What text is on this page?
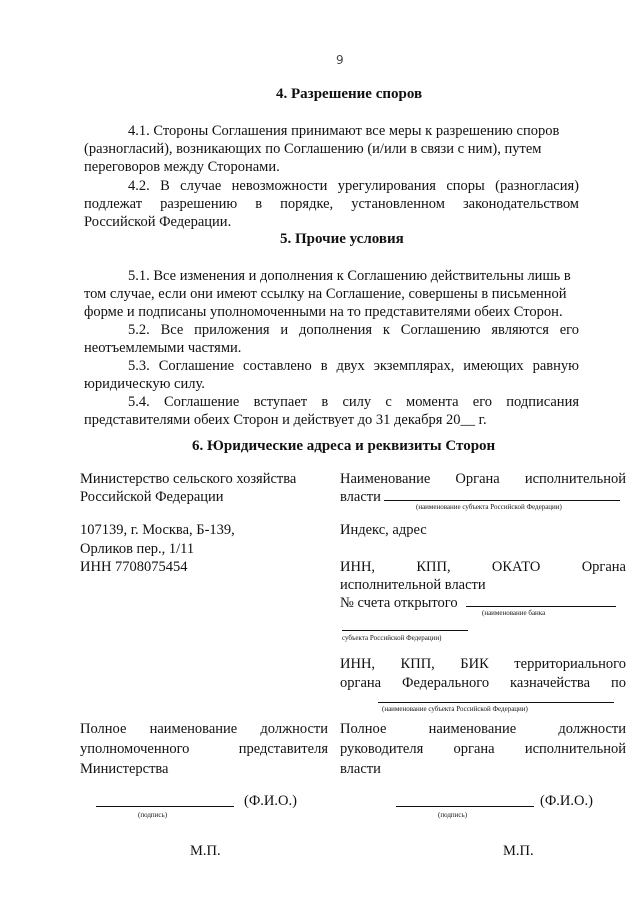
9
4. Разрешение споров
4.1. Стороны Соглашения принимают все меры к разрешению споров
(разногласий), возникающих по Соглашению (и/или в связи с ним), путем
переговоров между Сторонами.
4.2. В случае невозможности урегулирования споры (разногласия)
подлежат разрешению в порядке, установленном законодательством
Российской Федерации.
5. Прочие условия
5.1. Все изменения и дополнения к Соглашению действительны лишь в
том случае, если они имеют ссылку на Соглашение, совершены в письменной
форме и подписаны уполномоченными на то представителями обеих Сторон.
5.2. Все приложения и дополнения к Соглашению являются его
неотъемлемыми частями.
5.3. Соглашение составлено в двух экземплярах, имеющих равную
юридическую силу.
5.4. Соглашение вступает в силу с момента его подписания
представителями обеих Сторон и действует до 31 декабря 20__ г.
6. Юридические адреса и реквизиты Сторон
Министерство сельского хозяйства
Российской Федерации
107139, г. Москва, Б-139,
Орликов пер., 1/11
ИНН 7708075454
Полное наименование должности
уполномоченного представителя
Министерства
(Ф.И.О.)
(подпись)
М.П.
Наименование Органа исполнительной
власти
(наименование субъекта Российской Федерации)
Индекс, адрес
ИНН, КПП, ОКАТО Органа
исполнительной власти
№ счета открытого
(наименование банка
субъекта Российской Федерации)
ИНН, КПП, БИК территориального
органа Федерального казначейства по
(наименование субъекта Российской Федерации)
Полное наименование должности
руководителя органа исполнительной
власти
(Ф.И.О.)
(подпись)
М.П.
